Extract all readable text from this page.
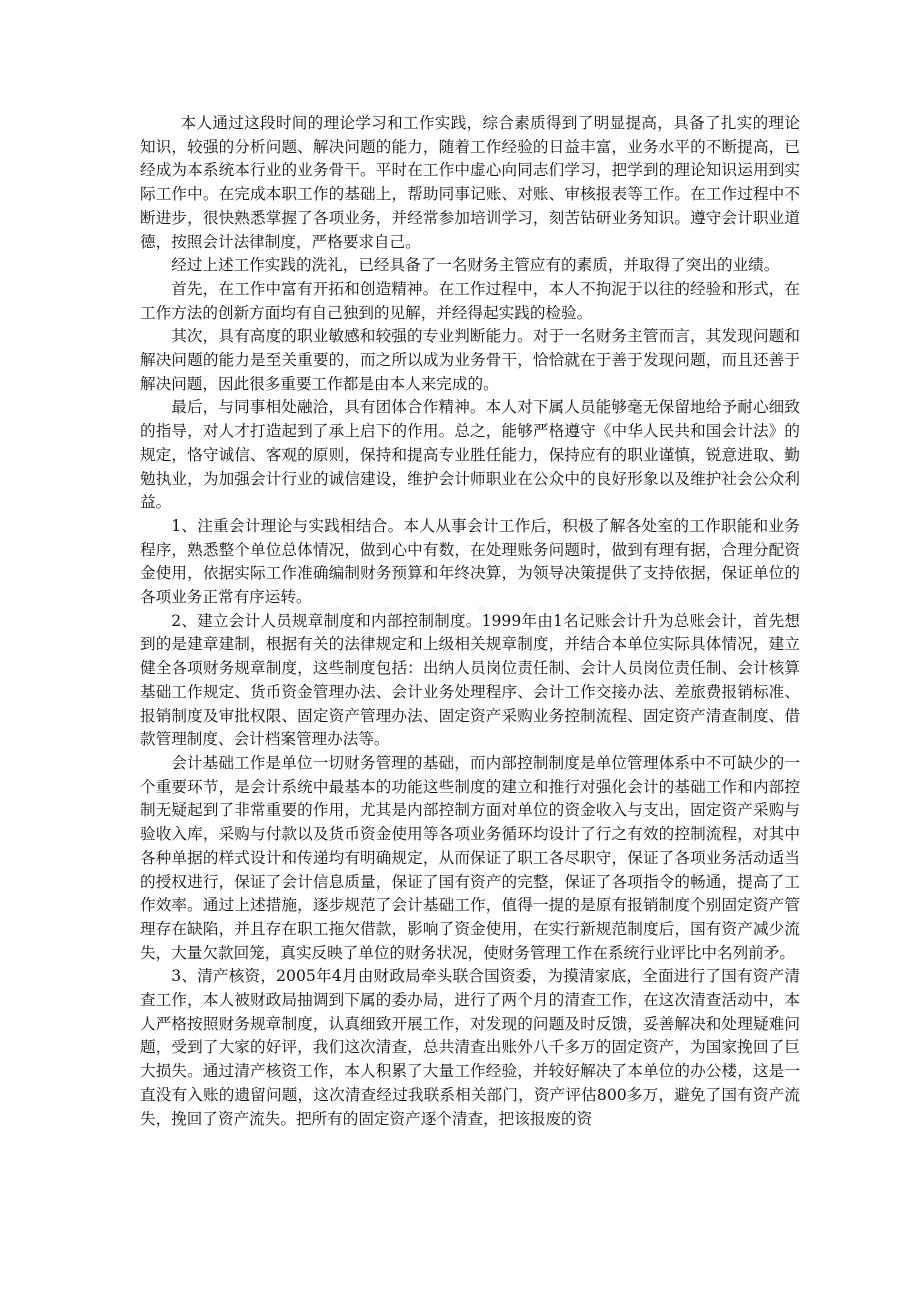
本人通过这段时间的理论学习和工作实践，综合素质得到了明显提高，具备了扎实的理论知识，较强的分析问题、解决问题的能力，随着工作经验的日益丰富，业务水平的不断提高，已经成为本系统本行业的业务骨干。平时在工作中虚心向同志们学习，把学到的理论知识运用到实际工作中。在完成本职工作的基础上，帮助同事记账、对账、审核报表等工作。在工作过程中不断进步，很快熟悉掌握了各项业务，并经常参加培训学习，刻苦钻研业务知识。遵守会计职业道德，按照会计法律制度，严格要求自己。

经过上述工作实践的洗礼，已经具备了一名财务主管应有的素质，并取得了突出的业绩。

首先，在工作中富有开拓和创造精神。在工作过程中，本人不拘泥于以往的经验和形式，在工作方法的创新方面均有自己独到的见解，并经得起实践的检验。

其次，具有高度的职业敏感和较强的专业判断能力。对于一名财务主管而言，其发现问题和解决问题的能力是至关重要的，而之所以成为业务骨干，恰恰就在于善于发现问题，而且还善于解决问题，因此很多重要工作都是由本人来完成的。

最后，与同事相处融洽，具有团体合作精神。本人对下属人员能够毫无保留地给予耐心细致的指导，对人才打造起到了承上启下的作用。总之，能够严格遵守《中华人民共和国会计法》的规定，恪守诚信、客观的原则，保持和提高专业胜任能力，保持应有的职业谨慎，锐意进取、勤勉执业，为加强会计行业的诚信建设，维护会计师职业在公众中的良好形象以及维护社会公众利益。

1、注重会计理论与实践相结合。本人从事会计工作后，积极了解各处室的工作职能和业务程序，熟悉整个单位总体情况，做到心中有数，在处理账务问题时，做到有理有据，合理分配资金使用，依据实际工作准确编制财务预算和年终决算，为领导决策提供了支持依据，保证单位的各项业务正常有序运转。

2、建立会计人员规章制度和内部控制制度。1999年由1名记账会计升为总账会计，首先想到的是建章建制，根据有关的法律规定和上级相关规章制度，并结合本单位实际具体情况，建立健全各项财务规章制度，这些制度包括：出纳人员岗位责任制、会计人员岗位责任制、会计核算基础工作规定、货币资金管理办法、会计业务处理程序、会计工作交接办法、差旅费报销标准、报销制度及审批权限、固定资产管理办法、固定资产采购业务控制流程、固定资产清查制度、借款管理制度、会计档案管理办法等。

会计基础工作是单位一切财务管理的基础，而内部控制制度是单位管理体系中不可缺少的一个重要环节，是会计系统中最基本的功能这些制度的建立和推行对强化会计的基础工作和内部控制无疑起到了非常重要的作用，尤其是内部控制方面对单位的资金收入与支出，固定资产采购与验收入库，采购与付款以及货币资金使用等各项业务循环均设计了行之有效的控制流程，对其中各种单据的样式设计和传递均有明确规定，从而保证了职工各尽职守，保证了各项业务活动适当的授权进行，保证了会计信息质量，保证了国有资产的完整，保证了各项指令的畅通，提高了工作效率。通过上述措施，逐步规范了会计基础工作，值得一提的是原有报销制度个别固定资产管理存在缺陷，并且存在职工拖欠借款，影响了资金使用，在实行新规范制度后，国有资产减少流失，大量欠款回笼，真实反映了单位的财务状况，使财务管理工作在系统行业评比中名列前矛。

3、清产核资，2005年4月由财政局牵头联合国资委，为摸清家底，全面进行了国有资产清查工作，本人被财政局抽调到下属的委办局，进行了两个月的清查工作，在这次清查活动中，本人严格按照财务规章制度，认真细致开展工作，对发现的问题及时反馈，妥善解决和处理疑难问题，受到了大家的好评，我们这次清查，总共清查出账外八千多万的固定资产，为国家挽回了巨大损失。通过清产核资工作，本人积累了大量工作经验，并较好解决了本单位的办公楼，这是一直没有入账的遗留问题，这次清查经过我联系相关部门，资产评估800多万，避免了国有资产流失，挽回了资产流失。把所有的固定资产逐个清查，把该报废的资
